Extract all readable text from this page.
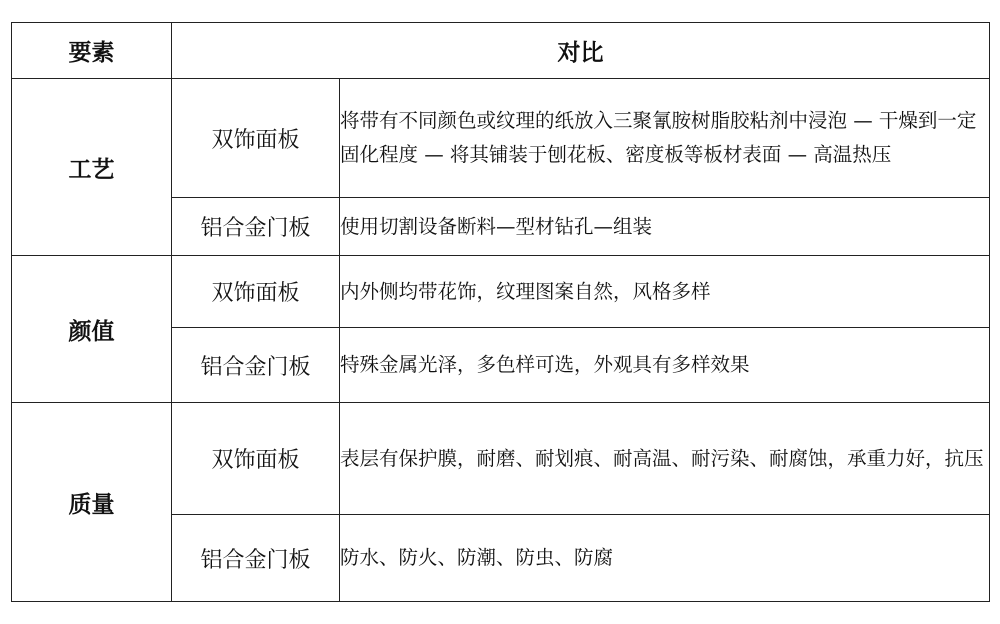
要素	对比	
工艺	双饰面板	将带有不同颜色或纹理的纸放入三聚氰胺树脂胶粘剂中浸泡 — 干燥到一定固化程度 — 将其铺装于刨花板、密度板等板材表面 — 高温热压
	铝合金门板	使用切割设备断料—型材钻孔—组装
颜值	双饰面板	内外侧均带花饰，纹理图案自然，风格多样
	铝合金门板	特殊金属光泽，多色样可选，外观具有多样效果
质量	双饰面板	表层有保护膜，耐磨、耐划痕、耐高温、耐污染、耐腐蚀，承重力好，抗压
	铝合金门板	防水、防火、防潮、防虫、防腐
